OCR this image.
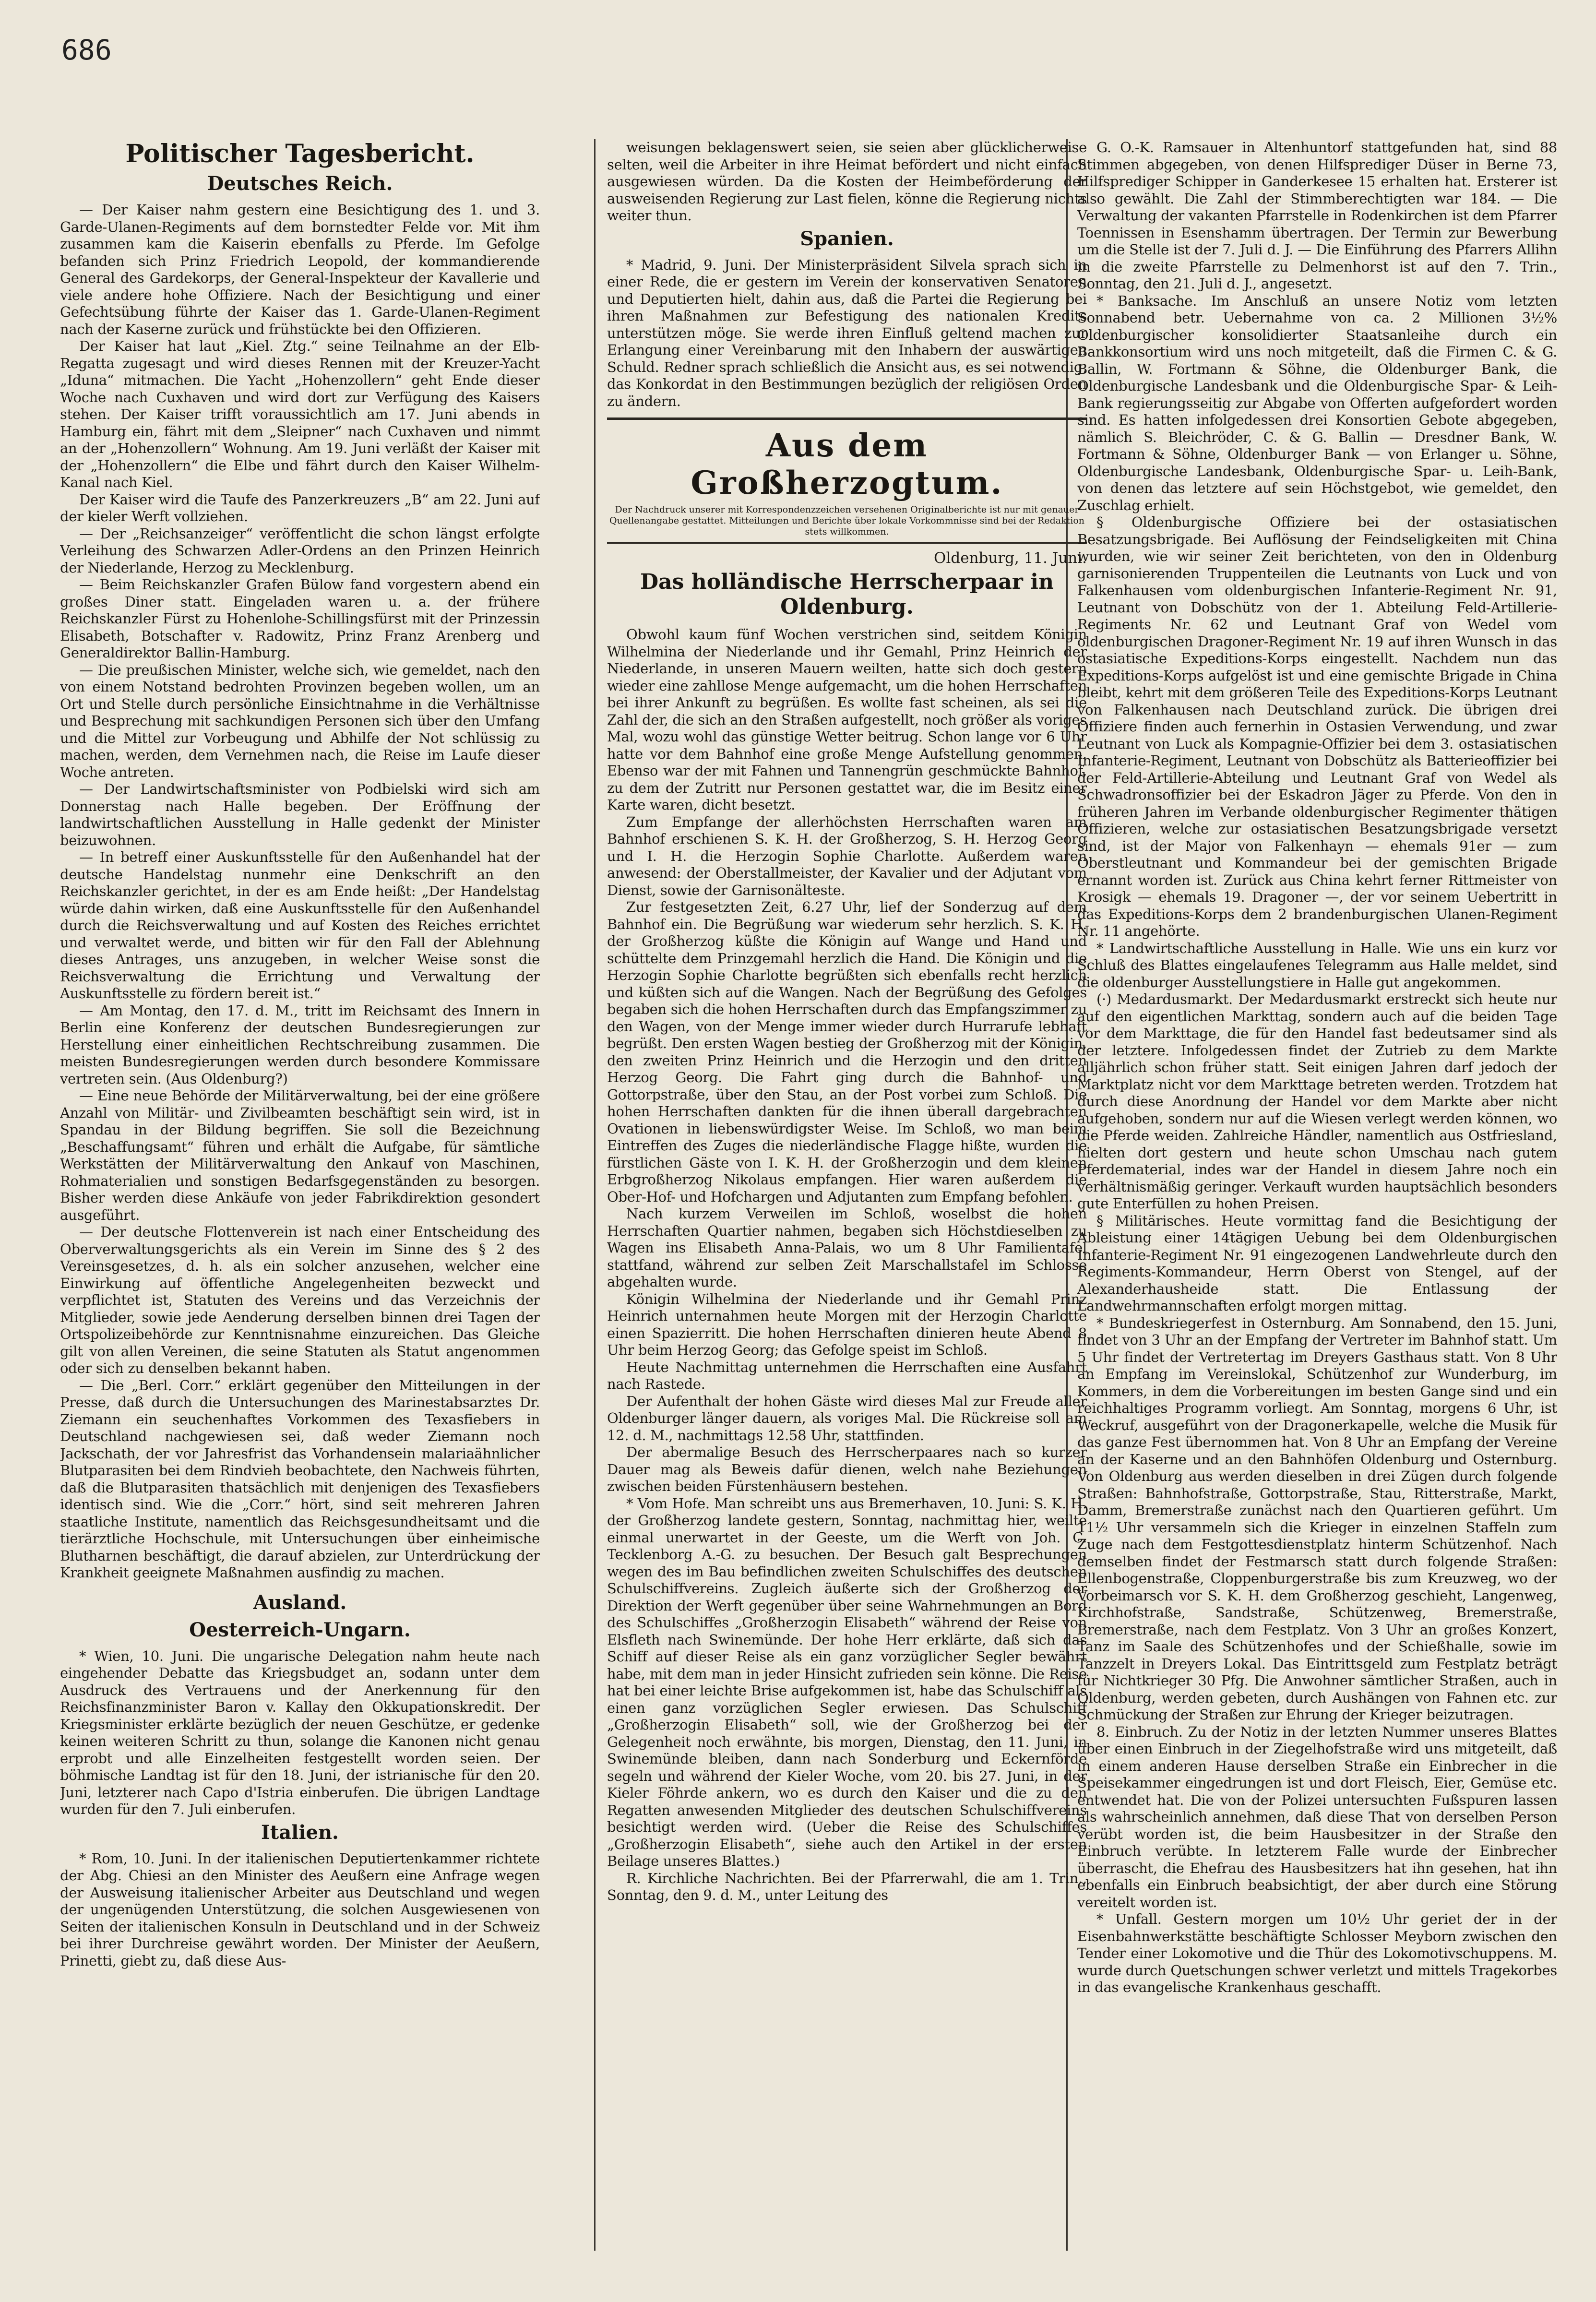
686
Politischer Tagesbericht.
Deutsches Reich.

— Der Kaiser nahm gestern eine Besichtigung des 1. und 3. Garde-Ulanen-Regiments auf dem bornstedter Felde vor. Mit ihm zusammen kam die Kaiserin ebenfalls zu Pferde. Im Gefolge befanden sich Prinz Friedrich Leopold, der kommandierende General des Gardekorps, der General-Inspekteur der Kavallerie und viele andere hohe Offiziere. Nach der Besichtigung und einer Gefechtsübung führte der Kaiser das 1. Garde-Ulanen-Regiment nach der Kaserne zurück und frühstückte bei den Offizieren.

Der Kaiser hat laut „Kiel. Ztg.“ seine Teilnahme an der Elb-Regatta zugesagt und wird dieses Rennen mit der Kreuzer-Yacht „Iduna“ mitmachen. Die Yacht „Hohenzollern“ geht Ende dieser Woche nach Cuxhaven und wird dort zur Verfügung des Kaisers stehen. Der Kaiser trifft voraussichtlich am 17. Juni abends in Hamburg ein, fährt mit dem „Sleipner“ nach Cuxhaven und nimmt an der „Hohenzollern“ Wohnung. Am 19. Juni verläßt der Kaiser mit der „Hohenzollern“ die Elbe und fährt durch den Kaiser Wilhelm-Kanal nach Kiel.

Der Kaiser wird die Taufe des Panzerkreuzers „B“ am 22. Juni auf der kieler Werft vollziehen.

— Der „Reichsanzeiger“ veröffentlicht die schon längst erfolgte Verleihung des Schwarzen Adler-Ordens an den Prinzen Heinrich der Niederlande, Herzog zu Mecklenburg.

— Beim Reichskanzler Grafen Bülow fand vorgestern abend ein großes Diner statt. Eingeladen waren u. a. der frühere Reichskanzler Fürst zu Hohenlohe-Schillingsfürst mit der Prinzessin Elisabeth, Botschafter v. Radowitz, Prinz Franz Arenberg und Generaldirektor Ballin-Hamburg.

— Die preußischen Minister, welche sich, wie gemeldet, nach den von einem Notstand bedrohten Provinzen begeben wollen, um an Ort und Stelle durch persönliche Einsichtnahme in die Verhältnisse und Besprechung mit sachkundigen Personen sich über den Umfang und die Mittel zur Vorbeugung und Abhilfe der Not schlüssig zu machen, werden, dem Vernehmen nach, die Reise im Laufe dieser Woche antreten.

— Der Landwirtschaftsminister von Podbielski wird sich am Donnerstag nach Halle begeben. Der Eröffnung der landwirtschaftlichen Ausstellung in Halle gedenkt der Minister beizuwohnen.

— In betreff einer Auskunftsstelle für den Außenhandel hat der deutsche Handelstag nunmehr eine Denkschrift an den Reichskanzler gerichtet, in der es am Ende heißt: „Der Handelstag würde dahin wirken, daß eine Auskunftsstelle für den Außenhandel durch die Reichsverwaltung und auf Kosten des Reiches errichtet und verwaltet werde, und bitten wir für den Fall der Ablehnung dieses Antrages, uns anzugeben, in welcher Weise sonst die Reichsverwaltung die Errichtung und Verwaltung der Auskunftsstelle zu fördern bereit ist.“

— Am Montag, den 17. d. M., tritt im Reichsamt des Innern in Berlin eine Konferenz der deutschen Bundesregierungen zur Herstellung einer einheitlichen Rechtschreibung zusammen. Die meisten Bundesregierungen werden durch besondere Kommissare vertreten sein. (Aus Oldenburg?)

— Eine neue Behörde der Militärverwaltung, bei der eine größere Anzahl von Militär- und Zivilbeamten beschäftigt sein wird, ist in Spandau in der Bildung begriffen. Sie soll die Bezeichnung „Beschaffungsamt“ führen und erhält die Aufgabe, für sämtliche Werkstätten der Militärverwaltung den Ankauf von Maschinen, Rohmaterialien und sonstigen Bedarfsgegenständen zu besorgen. Bisher werden diese Ankäufe von jeder Fabrikdirektion gesondert ausgeführt.

— Der deutsche Flottenverein ist nach einer Entscheidung des Oberverwaltungsgerichts als ein Verein im Sinne des § 2 des Vereinsgesetzes, d. h. als ein solcher anzusehen, welcher eine Einwirkung auf öffentliche Angelegenheiten bezweckt und verpflichtet ist, Statuten des Vereins und das Verzeichnis der Mitglieder, sowie jede Aenderung derselben binnen drei Tagen der Ortspolizeibehörde zur Kenntnisnahme einzureichen. Das Gleiche gilt von allen Vereinen, die seine Statuten als Statut angenommen oder sich zu denselben bekannt haben.

— Die „Berl. Corr.“ erklärt gegenüber den Mitteilungen in der Presse, daß durch die Untersuchungen des Marinestabsarztes Dr. Ziemann ein seuchenhaftes Vorkommen des Texasfiebers in Deutschland nachgewiesen sei, daß weder Ziemann noch Jackschath, der vor Jahresfrist das Vorhandensein malariaähnlicher Blutparasiten bei dem Rindvieh beobachtete, den Nachweis führten, daß die Blutparasiten thatsächlich mit denjenigen des Texasfiebers identisch sind. Wie die „Corr.“ hört, sind seit mehreren Jahren staatliche Institute, namentlich das Reichsgesundheitsamt und die tierärztliche Hochschule, mit Untersuchungen über einheimische Blutharnen beschäftigt, die darauf abzielen, zur Unterdrückung der Krankheit geeignete Maßnahmen ausfindig zu machen.

Ausland.
Oesterreich-Ungarn.

* Wien, 10. Juni. Die ungarische Delegation nahm heute nach eingehender Debatte das Kriegsbudget an, sodann unter dem Ausdruck des Vertrauens und der Anerkennung für den Reichsfinanzminister Baron v. Kallay den Okkupationskredit. Der Kriegsminister erklärte bezüglich der neuen Geschütze, er gedenke keinen weiteren Schritt zu thun, solange die Kanonen nicht genau erprobt und alle Einzelheiten festgestellt worden seien. Der böhmische Landtag ist für den 18. Juni, der istrianische für den 20. Juni, letzterer nach Capo d'Istria einberufen. Die übrigen Landtage wurden für den 7. Juli einberufen.

Italien.

* Rom, 10. Juni. In der italienischen Deputiertenkammer richtete der Abg. Chiesi an den Minister des Aeußern eine Anfrage wegen der Ausweisung italienischer Arbeiter aus Deutschland und wegen der ungenügenden Unterstützung, die solchen Ausgewiesenen von Seiten der italienischen Konsuln in Deutschland und in der Schweiz bei ihrer Durchreise gewährt worden. Der Minister der Aeußern, Prinetti, giebt zu, daß diese Aus-

weisungen beklagenswert seien, sie seien aber glücklicherweise selten, weil die Arbeiter in ihre Heimat befördert und nicht einfach ausgewiesen würden. Da die Kosten der Heimbeförderung der ausweisenden Regierung zur Last fielen, könne die Regierung nichts weiter thun.

Spanien.

* Madrid, 9. Juni. Der Ministerpräsident Silvela sprach sich in einer Rede, die er gestern im Verein der konservativen Senatoren und Deputierten hielt, dahin aus, daß die Partei die Regierung bei ihren Maßnahmen zur Befestigung des nationalen Kredits unterstützen möge. Sie werde ihren Einfluß geltend machen zur Erlangung einer Vereinbarung mit den Inhabern der auswärtigen Schuld. Redner sprach schließlich die Ansicht aus, es sei notwendig, das Konkordat in den Bestimmungen bezüglich der religiösen Orden zu ändern.

Aus dem Großherzogtum.
Der Nachdruck unserer mit Korrespondenzzeichen versehenen Originalberichte ist nur mit genauer Quellenangabe gestattet. Mitteilungen und Berichte über lokale Vorkommnisse sind bei der Redaktion stets willkommen.
Oldenburg, 11. Juni.
Das holländische Herrscherpaar in Oldenburg.

Obwohl kaum fünf Wochen verstrichen sind, seitdem Königin Wilhelmina der Niederlande und ihr Gemahl, Prinz Heinrich der Niederlande, in unseren Mauern weilten, hatte sich doch gestern wieder eine zahllose Menge aufgemacht, um die hohen Herrschaften bei ihrer Ankunft zu begrüßen. Es wollte fast scheinen, als sei die Zahl der, die sich an den Straßen aufgestellt, noch größer als voriges Mal, wozu wohl das günstige Wetter beitrug. Schon lange vor 6 Uhr hatte vor dem Bahnhof eine große Menge Aufstellung genommen. Ebenso war der mit Fahnen und Tannengrün geschmückte Bahnhof, zu dem der Zutritt nur Personen gestattet war, die im Besitz einer Karte waren, dicht besetzt.

Zum Empfange der allerhöchsten Herrschaften waren am Bahnhof erschienen S. K. H. der Großherzog, S. H. Herzog Georg und I. H. die Herzogin Sophie Charlotte. Außerdem waren anwesend: der Oberstallmeister, der Kavalier und der Adjutant vom Dienst, sowie der Garnisonälteste.

Zur festgesetzten Zeit, 6.27 Uhr, lief der Sonderzug auf dem Bahnhof ein. Die Begrüßung war wiederum sehr herzlich. S. K. H. der Großherzog küßte die Königin auf Wange und Hand und schüttelte dem Prinzgemahl herzlich die Hand. Die Königin und die Herzogin Sophie Charlotte begrüßten sich ebenfalls recht herzlich und küßten sich auf die Wangen. Nach der Begrüßung des Gefolges begaben sich die hohen Herrschaften durch das Empfangszimmer zu den Wagen, von der Menge immer wieder durch Hurrarufe lebhaft begrüßt. Den ersten Wagen bestieg der Großherzog mit der Königin, den zweiten Prinz Heinrich und die Herzogin und den dritten Herzog Georg. Die Fahrt ging durch die Bahnhof- und Gottorpstraße, über den Stau, an der Post vorbei zum Schloß. Die hohen Herrschaften dankten für die ihnen überall dargebrachten Ovationen in liebenswürdigster Weise. Im Schloß, wo man beim Eintreffen des Zuges die niederländische Flagge hißte, wurden die fürstlichen Gäste von I. K. H. der Großherzogin und dem kleinen Erbgroßherzog Nikolaus empfangen. Hier waren außerdem die Ober-Hof- und Hofchargen und Adjutanten zum Empfang befohlen.

Nach kurzem Verweilen im Schloß, woselbst die hohen Herrschaften Quartier nahmen, begaben sich Höchstdieselben zu Wagen ins Elisabeth Anna-Palais, wo um 8 Uhr Familientafel stattfand, während zur selben Zeit Marschallstafel im Schlosse abgehalten wurde.

Königin Wilhelmina der Niederlande und ihr Gemahl Prinz Heinrich unternahmen heute Morgen mit der Herzogin Charlotte einen Spazierritt. Die hohen Herrschaften dinieren heute Abend 8 Uhr beim Herzog Georg; das Gefolge speist im Schloß.

Heute Nachmittag unternehmen die Herrschaften eine Ausfahrt nach Rastede.

Der Aufenthalt der hohen Gäste wird dieses Mal zur Freude aller Oldenburger länger dauern, als voriges Mal. Die Rückreise soll am 12. d. M., nachmittags 12.58 Uhr, stattfinden.

Der abermalige Besuch des Herrscherpaares nach so kurzer Dauer mag als Beweis dafür dienen, welch nahe Beziehungen zwischen beiden Fürstenhäusern bestehen.

* Vom Hofe. Man schreibt uns aus Bremerhaven, 10. Juni: S. K. H. der Großherzog landete gestern, Sonntag, nachmittag hier, weilte einmal unerwartet in der Geeste, um die Werft von Joh. C. Tecklenborg A.-G. zu besuchen. Der Besuch galt Besprechungen wegen des im Bau befindlichen zweiten Schulschiffes des deutschen Schulschiffvereins. Zugleich äußerte sich der Großherzog der Direktion der Werft gegenüber über seine Wahrnehmungen an Bord des Schulschiffes „Großherzogin Elisabeth“ während der Reise von Elsfleth nach Swinemünde. Der hohe Herr erklärte, daß sich das Schiff auf dieser Reise als ein ganz vorzüglicher Segler bewährt habe, mit dem man in jeder Hinsicht zufrieden sein könne. Die Reise hat bei einer leichte Brise aufgekommen ist, habe das Schulschiff als einen ganz vorzüglichen Segler erwiesen. Das Schulschiff „Großherzogin Elisabeth“ soll, wie der Großherzog bei der Gelegenheit noch erwähnte, bis morgen, Dienstag, den 11. Juni, in Swinemünde bleiben, dann nach Sonderburg und Eckernförde segeln und während der Kieler Woche, vom 20. bis 27. Juni, in der Kieler Föhrde ankern, wo es durch den Kaiser und die zu den Regatten anwesenden Mitglieder des deutschen Schulschiffvereins besichtigt werden wird. (Ueber die Reise des Schulschiffes „Großherzogin Elisabeth“, siehe auch den Artikel in der ersten Beilage unseres Blattes.)

R. Kirchliche Nachrichten. Bei der Pfarrerwahl, die am 1. Trin., Sonntag, den 9. d. M., unter Leitung des

G. O.-K. Ramsauer in Altenhuntorf stattgefunden hat, sind 88 Stimmen abgegeben, von denen Hilfsprediger Düser in Berne 73, Hilfsprediger Schipper in Ganderkesee 15 erhalten hat. Ersterer ist also gewählt. Die Zahl der Stimmberechtigten war 184. — Die Verwaltung der vakanten Pfarrstelle in Rodenkirchen ist dem Pfarrer Toennissen in Esenshamm übertragen. Der Termin zur Bewerbung um die Stelle ist der 7. Juli d. J. — Die Einführung des Pfarrers Allihn in die zweite Pfarrstelle zu Delmenhorst ist auf den 7. Trin., Sonntag, den 21. Juli d. J., angesetzt.

* Banksache. Im Anschluß an unsere Notiz vom letzten Sonnabend betr. Uebernahme von ca. 2 Millionen 3½% Oldenburgischer konsolidierter Staatsanleihe durch ein Bankkonsortium wird uns noch mitgeteilt, daß die Firmen C. & G. Ballin, W. Fortmann & Söhne, die Oldenburger Bank, die Oldenburgische Landesbank und die Oldenburgische Spar- & Leih-Bank regierungsseitig zur Abgabe von Offerten aufgefordert worden sind. Es hatten infolgedessen drei Konsortien Gebote abgegeben, nämlich S. Bleichröder, C. & G. Ballin — Dresdner Bank, W. Fortmann & Söhne, Oldenburger Bank — von Erlanger u. Söhne, Oldenburgische Landesbank, Oldenburgische Spar- u. Leih-Bank, von denen das letztere auf sein Höchstgebot, wie gemeldet, den Zuschlag erhielt.

§ Oldenburgische Offiziere bei der ostasiatischen Besatzungsbrigade. Bei Auflösung der Feindseligkeiten mit China wurden, wie wir seiner Zeit berichteten, von den in Oldenburg garnisonierenden Truppenteilen die Leutnants von Luck und von Falkenhausen vom oldenburgischen Infanterie-Regiment Nr. 91, Leutnant von Dobschütz von der 1. Abteilung Feld-Artillerie-Regiments Nr. 62 und Leutnant Graf von Wedel vom oldenburgischen Dragoner-Regiment Nr. 19 auf ihren Wunsch in das ostasiatische Expeditions-Korps eingestellt. Nachdem nun das Expeditions-Korps aufgelöst ist und eine gemischte Brigade in China bleibt, kehrt mit dem größeren Teile des Expeditions-Korps Leutnant von Falkenhausen nach Deutschland zurück. Die übrigen drei Offiziere finden auch fernerhin in Ostasien Verwendung, und zwar Leutnant von Luck als Kompagnie-Offizier bei dem 3. ostasiatischen Infanterie-Regiment, Leutnant von Dobschütz als Batterieoffizier bei der Feld-Artillerie-Abteilung und Leutnant Graf von Wedel als Schwadronsoffizier bei der Eskadron Jäger zu Pferde. Von den in früheren Jahren im Verbande oldenburgischer Regimenter thätigen Offizieren, welche zur ostasiatischen Besatzungsbrigade versetzt sind, ist der Major von Falkenhayn — ehemals 91er — zum Oberstleutnant und Kommandeur bei der gemischten Brigade ernannt worden ist. Zurück aus China kehrt ferner Rittmeister von Krosigk — ehemals 19. Dragoner —, der vor seinem Uebertritt in das Expeditions-Korps dem 2 brandenburgischen Ulanen-Regiment Nr. 11 angehörte.

* Landwirtschaftliche Ausstellung in Halle. Wie uns ein kurz vor Schluß des Blattes eingelaufenes Telegramm aus Halle meldet, sind die oldenburger Ausstellungstiere in Halle gut angekommen.

(·) Medardusmarkt. Der Medardusmarkt erstreckt sich heute nur auf den eigentlichen Markttag, sondern auch auf die beiden Tage vor dem Markttage, die für den Handel fast bedeutsamer sind als der letztere. Infolgedessen findet der Zutrieb zu dem Markte alljährlich schon früher statt. Seit einigen Jahren darf jedoch der Marktplatz nicht vor dem Markttage betreten werden. Trotzdem hat durch diese Anordnung der Handel vor dem Markte aber nicht aufgehoben, sondern nur auf die Wiesen verlegt werden können, wo die Pferde weiden. Zahlreiche Händler, namentlich aus Ostfriesland, hielten dort gestern und heute schon Umschau nach gutem Pferdematerial, indes war der Handel in diesem Jahre noch ein verhältnismäßig geringer. Verkauft wurden hauptsächlich besonders gute Enterfüllen zu hohen Preisen.

§ Militärisches. Heute vormittag fand die Besichtigung der Ableistung einer 14tägigen Uebung bei dem Oldenburgischen Infanterie-Regiment Nr. 91 eingezogenen Landwehrleute durch den Regiments-Kommandeur, Herrn Oberst von Stengel, auf der Alexanderhausheide statt. Die Entlassung der Landwehrmannschaften erfolgt morgen mittag.

* Bundeskriegerfest in Osternburg. Am Sonnabend, den 15. Juni, findet von 3 Uhr an der Empfang der Vertreter im Bahnhof statt. Um 5 Uhr findet der Vertretertag im Dreyers Gasthaus statt. Von 8 Uhr an Empfang im Vereinslokal, Schützenhof zur Wunderburg, im Kommers, in dem die Vorbereitungen im besten Gange sind und ein reichhaltiges Programm vorliegt. Am Sonntag, morgens 6 Uhr, ist Weckruf, ausgeführt von der Dragonerkapelle, welche die Musik für das ganze Fest übernommen hat. Von 8 Uhr an Empfang der Vereine an der Kaserne und an den Bahnhöfen Oldenburg und Osternburg. Von Oldenburg aus werden dieselben in drei Zügen durch folgende Straßen: Bahnhofstraße, Gottorpstraße, Stau, Ritterstraße, Markt, Damm, Bremerstraße zunächst nach den Quartieren geführt. Um 11½ Uhr versammeln sich die Krieger in einzelnen Staffeln zum Zuge nach dem Festgottesdienstplatz hinterm Schützenhof. Nach demselben findet der Festmarsch statt durch folgende Straßen: Ellenbogenstraße, Cloppenburgerstraße bis zum Kreuzweg, wo der Vorbeimarsch vor S. K. H. dem Großherzog geschieht, Langenweg, Kirchhofstraße, Sandstraße, Schützenweg, Bremerstraße, Bremerstraße, nach dem Festplatz. Von 3 Uhr an großes Konzert, Tanz im Saale des Schützenhofes und der Schießhalle, sowie im Tanzzelt in Dreyers Lokal. Das Eintrittsgeld zum Festplatz beträgt für Nichtkrieger 30 Pfg. Die Anwohner sämtlicher Straßen, auch in Oldenburg, werden gebeten, durch Aushängen von Fahnen etc. zur Schmückung der Straßen zur Ehrung der Krieger beizutragen.

8. Einbruch. Zu der Notiz in der letzten Nummer unseres Blattes über einen Einbruch in der Ziegelhofstraße wird uns mitgeteilt, daß in einem anderen Hause derselben Straße ein Einbrecher in die Speisekammer eingedrungen ist und dort Fleisch, Eier, Gemüse etc. entwendet hat. Die von der Polizei untersuchten Fußspuren lassen als wahrscheinlich annehmen, daß diese That von derselben Person verübt worden ist, die beim Hausbesitzer in der Straße den Einbruch verübte. In letzterem Falle wurde der Einbrecher überrascht, die Ehefrau des Hausbesitzers hat ihn gesehen, hat ihn ebenfalls ein Einbruch beabsichtigt, der aber durch eine Störung vereitelt worden ist.

* Unfall. Gestern morgen um 10½ Uhr geriet der in der Eisenbahnwerkstätte beschäftigte Schlosser Meyborn zwischen den Tender einer Lokomotive und die Thür des Lokomotivschuppens. M. wurde durch Quetschungen schwer verletzt und mittels Tragekorbes in das evangelische Krankenhaus geschafft.
